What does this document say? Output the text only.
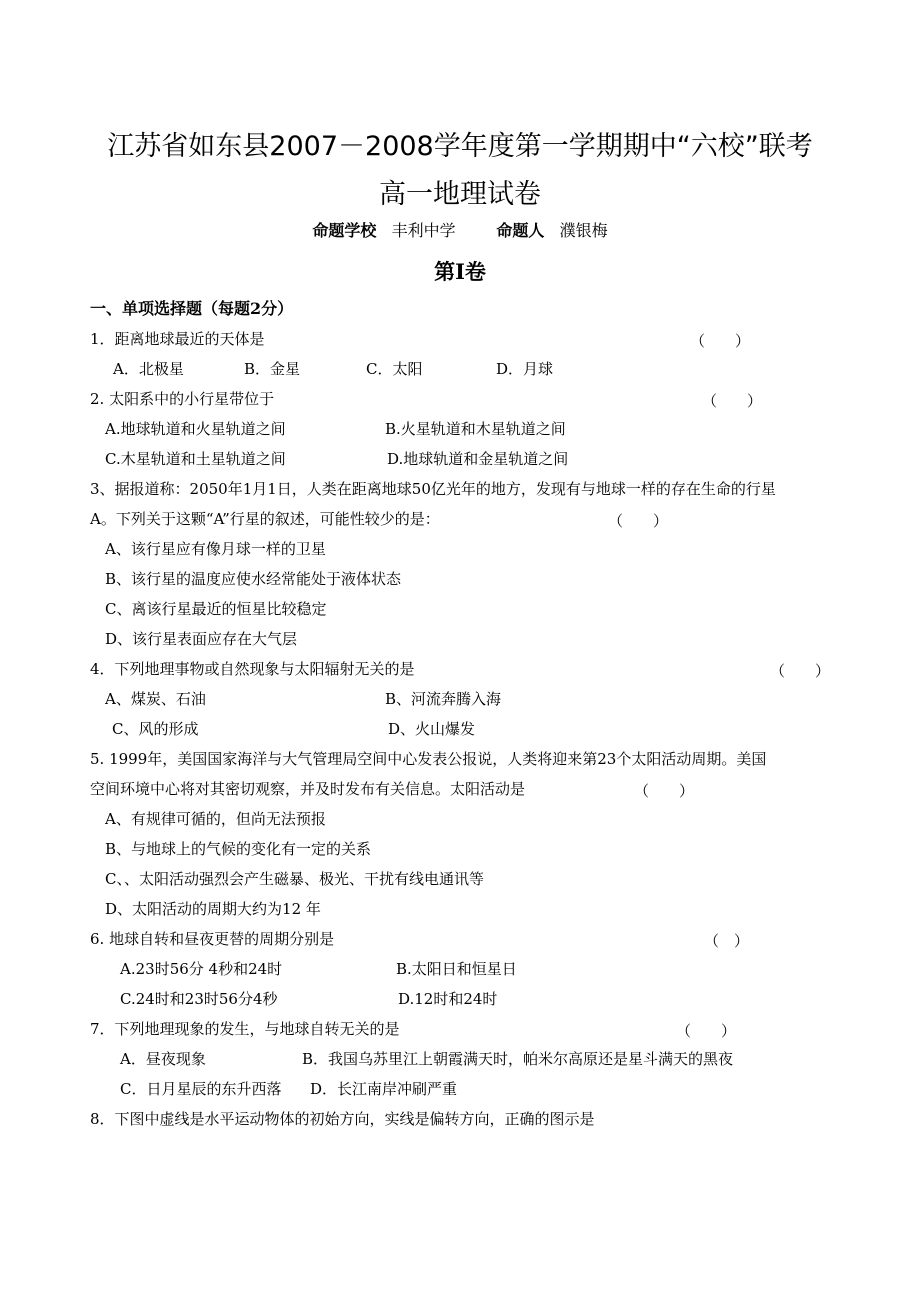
江苏省如东县2007－2008学年度第一学期期中“六校”联考
高一地理试卷
命题学校 丰利中学	命题人 濮银梅
第Ⅰ卷
一、单项选择题（每题2分）
1．距离地球最近的天体是	（　　）
A．北极星	B．金星	C．太阳	D．月球
2. 太阳系中的小行星带位于	（　　）
A.地球轨道和火星轨道之间	B.火星轨道和木星轨道之间
C.木星轨道和土星轨道之间	D.地球轨道和金星轨道之间
3、据报道称：2050年1月1日，人类在距离地球50亿光年的地方，发现有与地球一样的存在生命的行星
A。下列关于这颗“A”行星的叙述，可能性较少的是：	（　　）
A、该行星应有像月球一样的卫星
B、该行星的温度应使水经常能处于液体状态
C、离该行星最近的恒星比较稳定
D、该行星表面应存在大气层
4．下列地理事物或自然现象与太阳辐射无关的是	（　　）
A、煤炭、石油	B、河流奔腾入海
C、风的形成	D、火山爆发
5. 1999年，美国国家海洋与大气管理局空间中心发表公报说，人类将迎来第23个太阳活动周期。美国
空间环境中心将对其密切观察，并及时发布有关信息。太阳活动是	（　　）
A、有规律可循的，但尚无法预报
B、与地球上的气候的变化有一定的关系
C、、太阳活动强烈会产生磁暴、极光、干扰有线电通讯等
D、太阳活动的周期大约为12 年
6. 地球自转和昼夜更替的周期分别是	（　）
A.23时56分 4秒和24时	B.太阳日和恒星日
C.24时和23时56分4秒	D.12时和24时
7．下列地理现象的发生，与地球自转无关的是	（　　）
A．昼夜现象	B．我国乌苏里江上朝霞满天时，帕米尔高原还是星斗满天的黑夜
C．日月星辰的东升西落 D．长江南岸冲刷严重
8．下图中虚线是水平运动物体的初始方向，实线是偏转方向，正确的图示是
